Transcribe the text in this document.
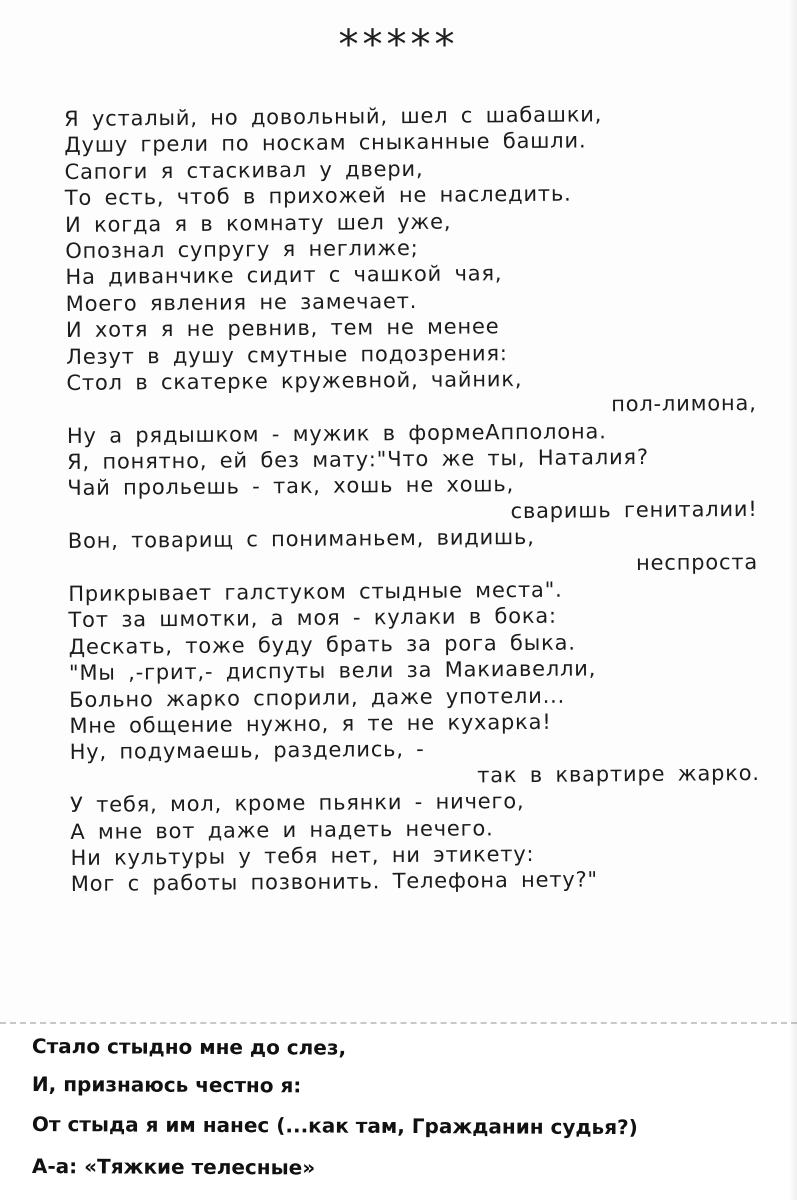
*****
Я усталый, но довольный, шел с шабашки,
Душу грели по носкам сныканные башли.
Сапоги я стаскивал у двери,
То есть, чтоб в прихожей не наследить.
И когда я в комнату шел уже,
Опознал супругу я неглиже;
На диванчике сидит с чашкой чая,
Моего явления не замечает.
И хотя я не ревнив, тем не менее
Лезут в душу смутные подозрения:
Стол в скатерке кружевной, чайник,
пол-лимона,
Ну а рядышком - мужик в формеАпполона.
Я, понятно, ей без мату:"Что же ты, Наталия?
Чай прольешь - так, хошь не хошь,
сваришь гениталии!
Вон, товарищ с пониманьем, видишь,
неспроста
Прикрывает галстуком стыдные места".
Тот за шмотки, а моя - кулаки в бока:
Дескать, тоже буду брать за рога быка.
"Мы ,-грит,- диспуты вели за Макиавелли,
Больно жарко спорили, даже употели...
Мне общение нужно, я те не кухарка!
Ну, подумаешь, разделись, -
так в квартире жарко.
У тебя, мол, кроме пьянки - ничего,
А мне вот даже и надеть нечего.
Ни культуры у тебя нет, ни этикету:
Мог с работы позвонить. Телефона нету?"
Стало стыдно мне до слез,
И, признаюсь честно я:
От стыда я им нанес (...как там, Гражданин судья?)
А-а: «Тяжкие телесные»
